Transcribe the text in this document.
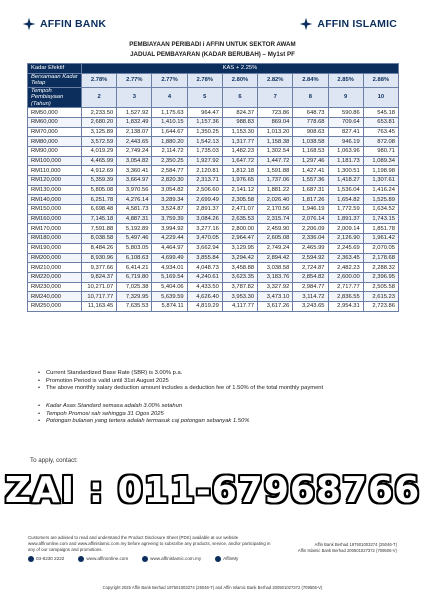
AFFIN BANK	AFFIN ISLAMIC
PEMBIAYAAN PERIBADI i AFFIN UNTUK SEKTOR AWAM
JADUAL PEMBAYARAN (KADAR BERUBAH) – My1st PF
Kadar Efektif	KAS + 2.25%								
Bersamaan Kadar Tetap	2.78%	2.77%	2.77%	2.78%	2.80%	2.82%	2.84%	2.85%	2.88%
Tempoh Pembiayaan (Tahun)	2	3	4	5	6	7	8	9	10
RM50,000	2,233.50	1,527.92	1,175.63	964.47	824.37	723.86	648.73	590.86	545.18
RM60,000	2,680.20	1,832.49	1,410.15	1,157.36	988.83	869.04	778.68	709.64	653.81
RM70,000	3,125.89	2,138.07	1,644.67	1,350.25	1,153.30	1,013.20	908.63	827.41	763.45
RM80,000	3,572.59	2,443.65	1,880.20	1,542.13	1,317.77	1,158.38	1,038.58	946.19	872.08
RM90,000	4,019.29	2,749.24	2,114.72	1,735.03	1,482.23	1,302.54	1,168.53	1,063.96	980.71
RM100,000	4,465.99	3,054.82	2,350.25	1,927.92	1,647.72	1,447.72	1,297.46	1,181.73	1,089.34
RM110,000	4,912.69	3,360.41	2,584.77	2,120.81	1,812.18	1,591.88	1,427.41	1,300.51	1,198.98
RM120,000	5,359.39	3,664.97	2,820.30	2,313.71	1,976.65	1,737.06	1,557.36	1,418.27	1,307.61
RM130,000	5,805.08	3,970.56	3,054.82	2,506.60	2,141.12	1,881.22	1,687.31	1,536.04	1,416.24
RM140,000	6,251.78	4,276.14	3,289.34	2,699.49	2,305.58	2,026.40	1,817.26	1,654.82	1,525.89
RM150,000	6,698.48	4,581.73	3,524.87	2,891.37	2,471.07	2,170.56	1,946.19	1,772.59	1,634.52
RM160,000	7,145.18	4,887.31	3,759.39	3,084.26	2,635.53	2,315.74	2,076.14	1,891.37	1,743.15
RM170,000	7,591.88	5,192.89	3,994.92	3,277.16	2,800.00	2,459.90	2,206.09	2,009.14	1,851.78
RM180,000	8,038.58	5,497.46	4,229.44	3,470.05	2,964.47	2,605.08	2,336.04	2,126.90	1,961.42
RM190,000	8,484.26	5,803.05	4,464.97	3,662.94	3,129.95	2,749.24	2,465.99	2,245.69	2,070.05
RM200,000	8,930.96	6,108.63	4,699.49	3,855.84	3,294.42	2,894.42	2,594.92	2,363.45	2,178.68
RM210,000	9,377.66	6,414.21	4,934.01	4,048.73	3,458.88	3,038.58	2,724.87	2,482.23	2,288.32
RM220,000	9,824.37	6,719.80	5,169.54	4,240.61	3,623.35	3,183.76	2,854.82	2,600.00	2,396.95
RM230,000	10,271.07	7,025.38	5,404.06	4,433.50	3,787.82	3,327.92	2,984.77	2,717.77	2,505.58
RM240,000	10,717.77	7,329.95	5,639.59	4,626.40	3,953.30	3,473.10	3,114.72	2,836.55	2,615.23
RM250,000	11,163.45	7,635.53	5,874.11	4,819.29	4,117.77	3,617.26	3,243.65	2,954.31	2,723.86
• Current Standardized Base Rate (SBR) is 3.00% p.a.
• Promotion Period is valid until 31st August 2025
• The above monthly salary deduction amount includes a deduction fee of 1.50% of the total monthly payment
• Kadar Asas Standard semasa adalah 3.00% setahun
• Tempoh Promosi sah sehingga 31 Ogos 2025
• Potongan bulanan yang tertera adalah termasuk caj potongan sebanyak 1.50%
To apply, contact:
ZAI : 011-67968766
Customers are advised to read and understand the Product Disclosure Sheet (PDS) available at our website www.affinonline.com and www.affinislamic.com.my before agreeing to subscribe any products, service, and/or participating in any of our campaigns and promotions.
Affin Bank Berhad 197501003274 (25046-T)
Affin Islamic Bank Berhad 200501027372 (709506-V)
03-8230 2222	www.affinonline.com	www.affinislamic.com.my	AffinMy
Copyright 2025 Affin Bank Berhad 197501003274 (25046-T) and Affin Islamic Bank Berhad 200501027372 (709506-V)
